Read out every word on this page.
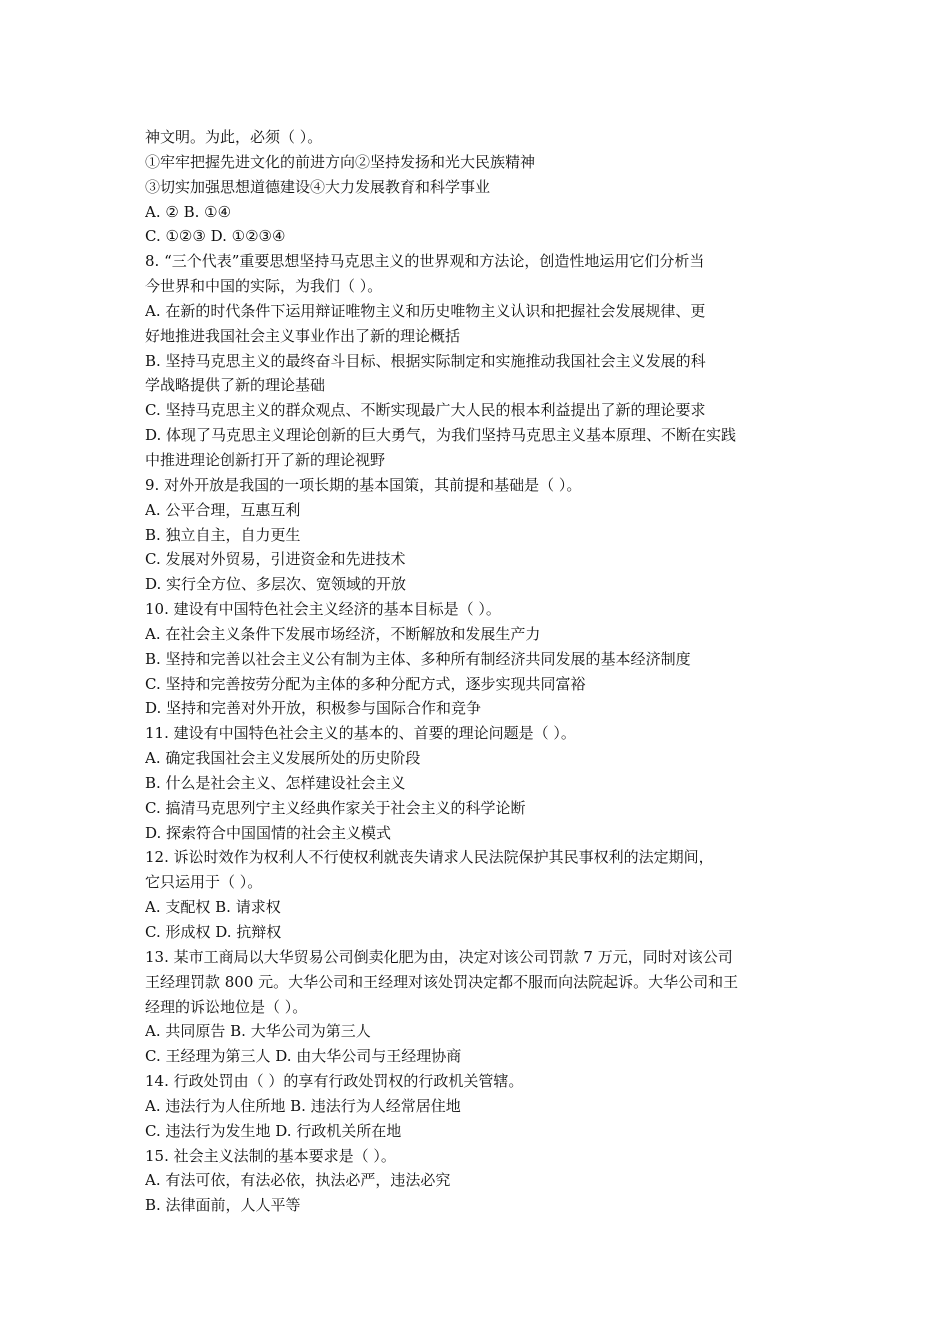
神文明。为此，必须（ ）。
①牢牢把握先进文化的前进方向②坚持发扬和光大民族精神
③切实加强思想道德建设④大力发展教育和科学事业
A. ② B. ①④
C. ①②③ D. ①②③④
8. “三个代表”重要思想坚持马克思主义的世界观和方法论，创造性地运用它们分析当
今世界和中国的实际，为我们（ ）。
A. 在新的时代条件下运用辩证唯物主义和历史唯物主义认识和把握社会发展规律、更
好地推进我国社会主义事业作出了新的理论概括
B. 坚持马克思主义的最终奋斗目标、根据实际制定和实施推动我国社会主义发展的科
学战略提供了新的理论基础
C. 坚持马克思主义的群众观点、不断实现最广大人民的根本利益提出了新的理论要求
D. 体现了马克思主义理论创新的巨大勇气，为我们坚持马克思主义基本原理、不断在实践
中推进理论创新打开了新的理论视野
9. 对外开放是我国的一项长期的基本国策，其前提和基础是（ ）。
A. 公平合理，互惠互利
B. 独立自主，自力更生
C. 发展对外贸易，引进资金和先进技术
D. 实行全方位、多层次、宽领域的开放
10. 建设有中国特色社会主义经济的基本目标是（ ）。
A. 在社会主义条件下发展市场经济，不断解放和发展生产力
B. 坚持和完善以社会主义公有制为主体、多种所有制经济共同发展的基本经济制度
C. 坚持和完善按劳分配为主体的多种分配方式，逐步实现共同富裕
D. 坚持和完善对外开放，积极参与国际合作和竞争
11. 建设有中国特色社会主义的基本的、首要的理论问题是（ ）。
A. 确定我国社会主义发展所处的历史阶段
B. 什么是社会主义、怎样建设社会主义
C. 搞清马克思列宁主义经典作家关于社会主义的科学论断
D. 探索符合中国国情的社会主义模式
12. 诉讼时效作为权利人不行使权利就丧失请求人民法院保护其民事权利的法定期间，
它只运用于（ ）。
A. 支配权 B. 请求权
C. 形成权 D. 抗辩权
13. 某市工商局以大华贸易公司倒卖化肥为由，决定对该公司罚款 7 万元，同时对该公司
王经理罚款 800 元。大华公司和王经理对该处罚决定都不服而向法院起诉。大华公司和王
经理的诉讼地位是（ ）。
A. 共同原告 B. 大华公司为第三人
C. 王经理为第三人 D. 由大华公司与王经理协商
14. 行政处罚由（ ）的享有行政处罚权的行政机关管辖。
A. 违法行为人住所地 B. 违法行为人经常居住地
C. 违法行为发生地 D. 行政机关所在地
15. 社会主义法制的基本要求是（ ）。
A. 有法可依，有法必依，执法必严，违法必究
B. 法律面前，人人平等
